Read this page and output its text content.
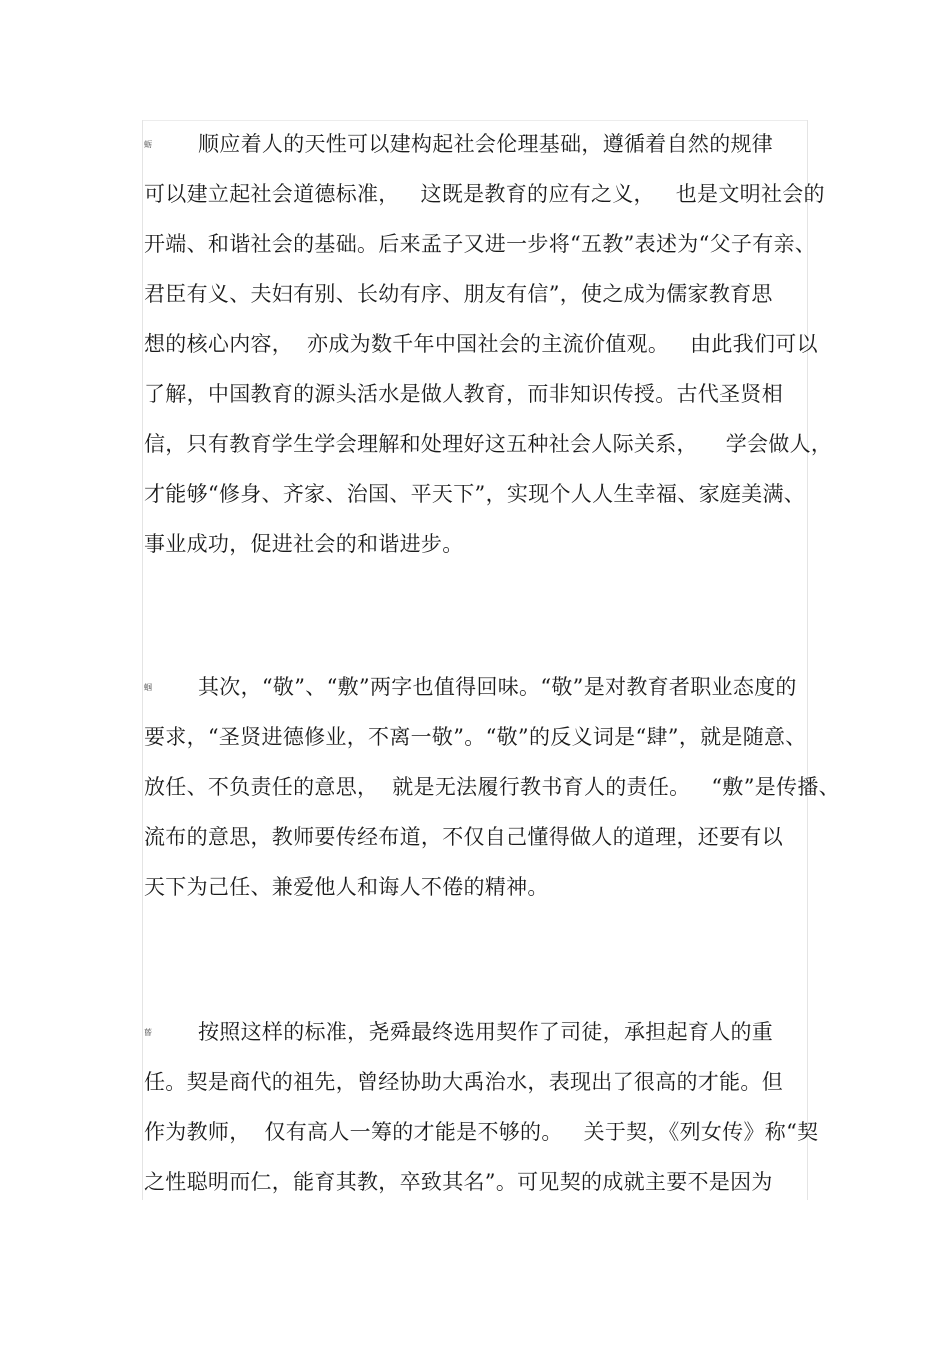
蛎 顺应着人的天性可以建构起社会伦理基础，遵循着自然的规律
可以建立起社会道德标准，   这既是教育的应有之义，   也是文明社会的
开端、和谐社会的基础。后来孟子又进一步将“五教”表述为“父子有亲、
君臣有义、夫妇有别、长幼有序、朋友有信”，使之成为儒家教育思
想的核心内容，  亦成为数千年中国社会的主流价值观。   由此我们可以
了解，中国教育的源头活水是做人教育，而非知识传授。古代圣贤相
信，只有教育学生学会理解和处理好这五种社会人际关系，    学会做人，
才能够“修身、齐家、治国、平天下”，实现个人人生幸福、家庭美满、
事业成功，促进社会的和谐进步。
蝈 其次，“敬”、“敷”两字也值得回味。“敬”是对教育者职业态度的
要求，“圣贤进德修业，不离一敬”。“敬”的反义词是“肆”，就是随意、
放任、不负责任的意思，  就是无法履行教书育人的责任。   “敷”是传播、
流布的意思，教师要传经布道，不仅自己懂得做人的道理，还要有以
天下为己任、兼爱他人和诲人不倦的精神。
蒈 按照这样的标准，尧舜最终选用契作了司徒，承担起育人的重
任。契是商代的祖先，曾经协助大禹治水，表现出了很高的才能。但
作为教师，  仅有高人一筹的才能是不够的。   关于契，《列女传》称“契
之性聪明而仁，能育其教，卒致其名”。可见契的成就主要不是因为
